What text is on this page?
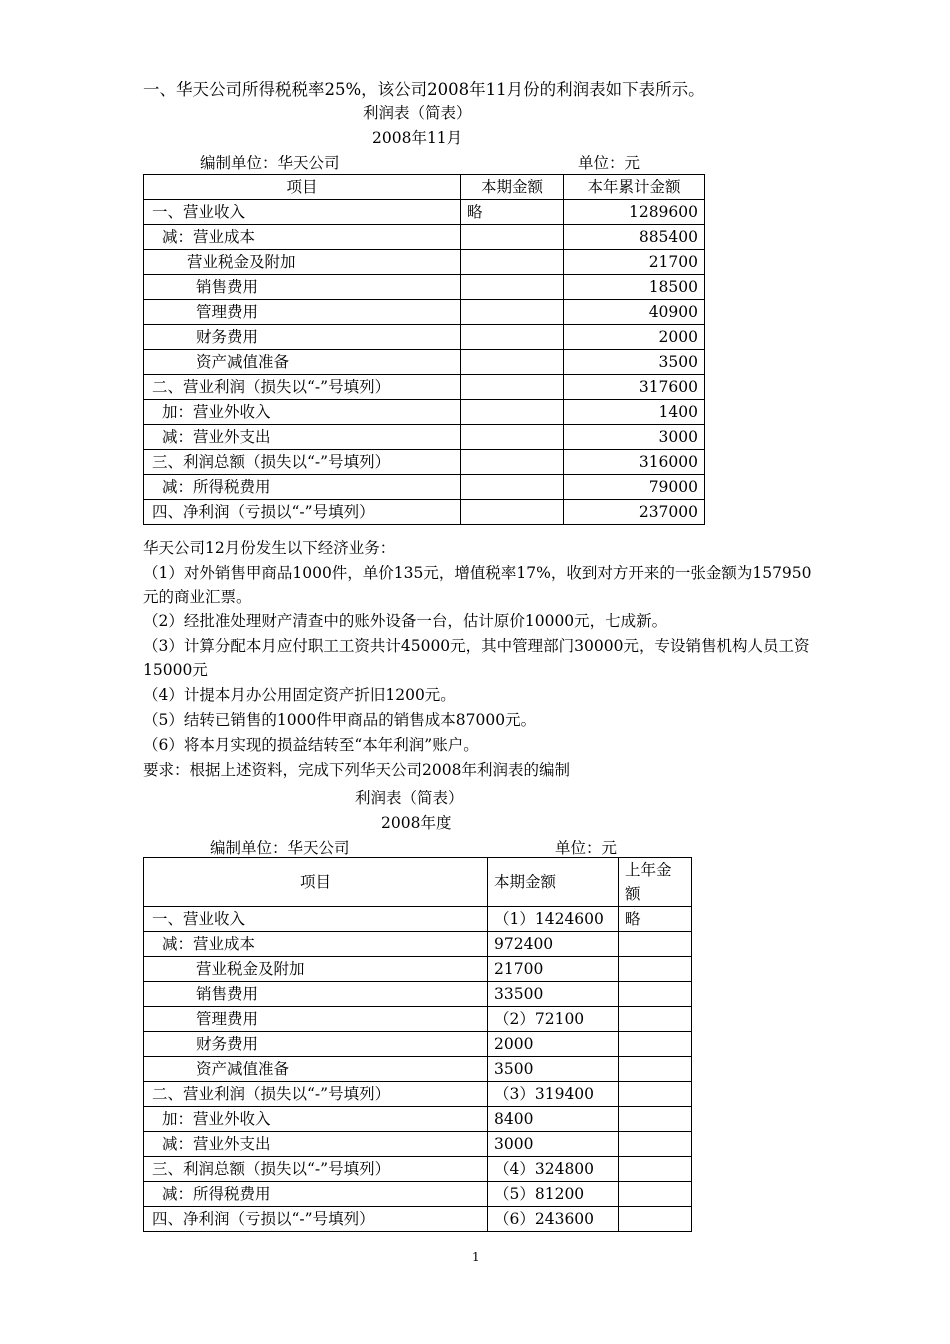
一、华天公司所得税税率25%，该公司2008年11月份的利润表如下表所示。
利润表（简表）
2008年11月
编制单位：华天公司	单位：元
项目	本期金额	本年累计金额
一、营业收入	略	1289600
减：营业成本		885400
营业税金及附加		21700
销售费用		18500
管理费用		40900
财务费用		2000
资产减值准备		3500
二、营业利润（损失以“-”号填列）		317600
加：营业外收入		1400
减：营业外支出		3000
三、利润总额（损失以“-”号填列）		316000
减：所得税费用		79000
四、净利润（亏损以“-”号填列）		237000
华天公司12月份发生以下经济业务：
（1）对外销售甲商品1000件，单价135元，增值税率17%，收到对方开来的一张金额为157950元的商业汇票。
（2）经批准处理财产清查中的账外设备一台，估计原价10000元，七成新。
（3）计算分配本月应付职工工资共计45000元，其中管理部门30000元，专设销售机构人员工资15000元
（4）计提本月办公用固定资产折旧1200元。
（5）结转已销售的1000件甲商品的销售成本87000元。
（6）将本月实现的损益结转至“本年利润”账户。
要求：根据上述资料，完成下列华天公司2008年利润表的编制
利润表（简表）
2008年度
编制单位：华天公司	单位：元
项目	本期金额	上年金额
一、营业收入	（1）1424600	略
减：营业成本	972400	
营业税金及附加	21700	
销售费用	33500	
管理费用	（2）72100	
财务费用	2000	
资产减值准备	3500	
二、营业利润（损失以“-”号填列）	（3）319400	
加：营业外收入	8400	
减：营业外支出	3000	
三、利润总额（损失以“-”号填列）	（4）324800	
减：所得税费用	（5）81200	
四、净利润（亏损以“-”号填列）	（6）243600	
1
